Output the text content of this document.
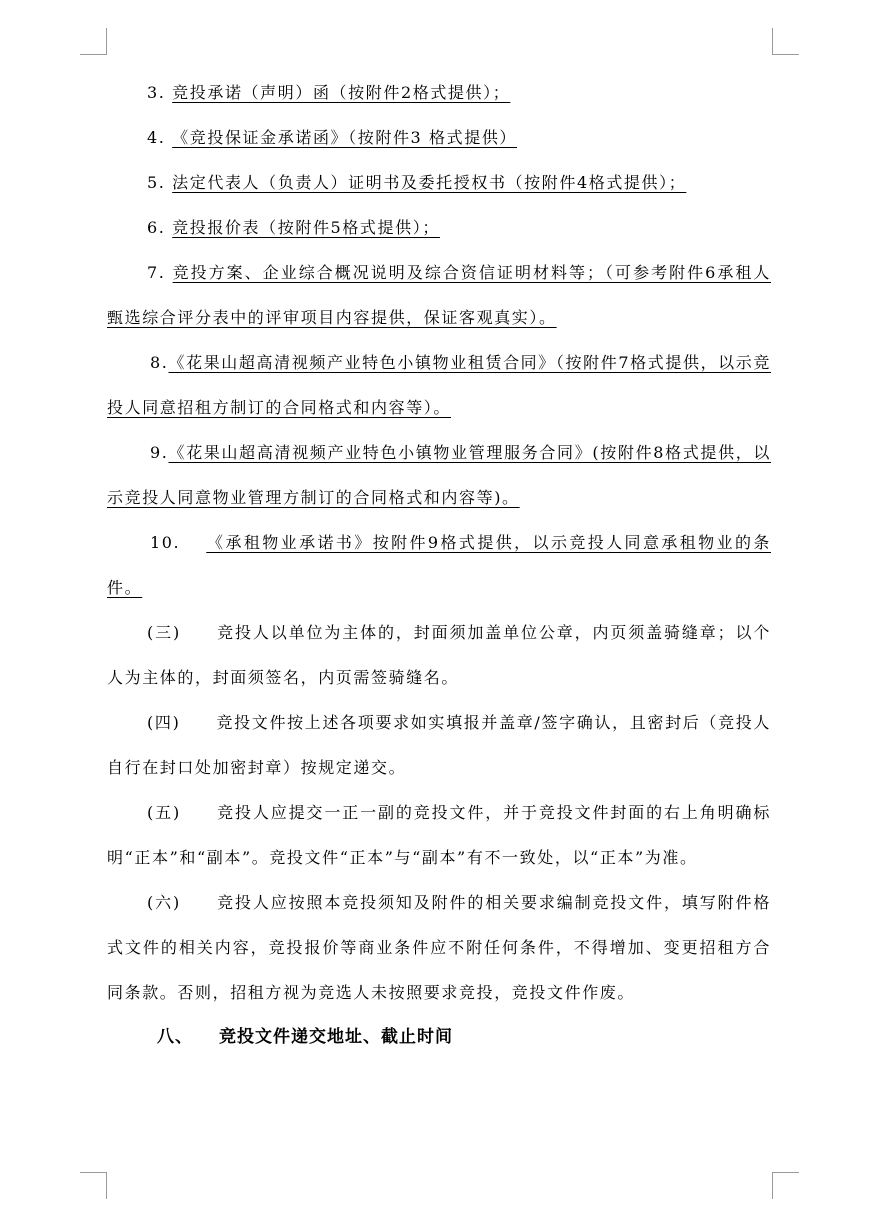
3. 竞投承诺（声明）函（按附件2格式提供）；

4. 《竞投保证金承诺函》（按附件3 格式提供）

5. 法定代表人（负责人）证明书及委托授权书（按附件4格式提供）；

6. 竞投报价表（按附件5格式提供）；

7. 竞投方案、企业综合概况说明及综合资信证明材料等；（可参考附件6承租人甄选综合评分表中的评审项目内容提供，保证客观真实）。

8.《花果山超高清视频产业特色小镇物业租赁合同》（按附件7格式提供，以示竞投人同意招租方制订的合同格式和内容等）。

9.《花果山超高清视频产业特色小镇物业管理服务合同》(按附件8格式提供，以示竞投人同意物业管理方制订的合同格式和内容等)。

10. 《承租物业承诺书》按附件9格式提供，以示竞投人同意承租物业的条件。

(三) 竞投人以单位为主体的，封面须加盖单位公章，内页须盖骑缝章；以个人为主体的，封面须签名，内页需签骑缝名。

(四) 竞投文件按上述各项要求如实填报并盖章/签字确认，且密封后（竞投人自行在封口处加密封章）按规定递交。

(五) 竞投人应提交一正一副的竞投文件，并于竞投文件封面的右上角明确标明“正本”和“副本”。竞投文件“正本”与“副本”有不一致处，以“正本”为准。

(六) 竞投人应按照本竞投须知及附件的相关要求编制竞投文件，填写附件格式文件的相关内容，竞投报价等商业条件应不附任何条件，不得增加、变更招租方合同条款。否则，招租方视为竞选人未按照要求竞投，竞投文件作废。

八、 竞投文件递交地址、截止时间
